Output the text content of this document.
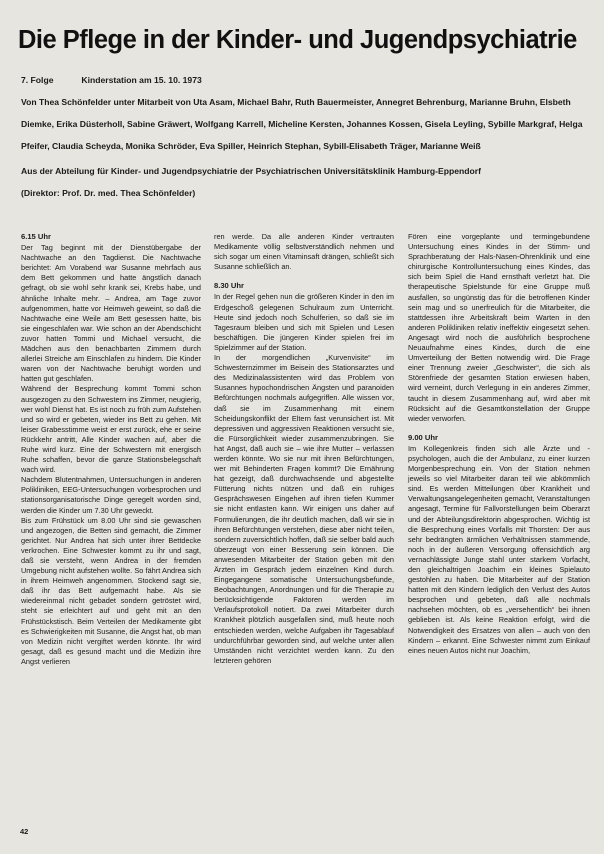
Die Pflege in der Kinder- und Jugendpsychiatrie
7. Folge	Kinderstation am 15. 10. 1973
Von Thea Schönfelder unter Mitarbeit von Uta Asam, Michael Bahr, Ruth Bauermeister, Annegret Behrenburg, Marianne Bruhn, Elsbeth Diemke, Erika Düsterholl, Sabine Gräwert, Wolfgang Karrell, Micheline Kersten, Johannes Kossen, Gisela Leyling, Sybille Markgraf, Helga Pfeifer, Claudia Scheyda, Monika Schröder, Eva Spiller, Heinrich Stephan, Sybill-Elisabeth Träger, Marianne Weiß
Aus der Abteilung für Kinder- und Jugendpsychiatrie der Psychiatrischen Universitätsklinik Hamburg-Eppendorf
(Direktor: Prof. Dr. med. Thea Schönfelder)
6.15 Uhr

Der Tag beginnt mit der Dienstübergabe der Nachtwache an den Tagdienst. Die Nachtwache berichtet: Am Vorabend war Susanne mehrfach aus dem Bett gekommen und hatte ängstlich danach gefragt, ob sie wohl sehr krank sei, Krebs habe, und ähnliche Inhalte mehr. – Andrea, am Tage zuvor aufgenommen, hatte vor Heimweh geweint, so daß die Nachtwache eine Weile am Bett gesessen hatte, bis sie eingeschlafen war. Wie schon an der Abendschicht zuvor hatten Tommi und Michael versucht, die Mädchen aus den benachbarten Zimmern durch allerlei Streiche am Einschlafen zu hindern. Die Kinder waren von der Nachtwache beruhigt worden und hatten gut geschlafen.

Während der Besprechung kommt Tommi schon ausgezogen zu den Schwestern ins Zimmer, neugierig, wer wohl Dienst hat. Es ist noch zu früh zum Aufstehen und so wird er gebeten, wieder ins Bett zu gehen. Mit leiser Grabesstimme weist er erst zurück, ehe er seine Rückkehr antritt, Alle Kinder wachen auf, aber die Ruhe wird kurz. Eine der Schwestern mit energisch Ruhe schaffen, bevor die ganze Stationsbelegschaft wach wird.

Nachdem Blutentnahmen, Untersuchungen in anderen Polikliniken, EEG-Untersuchungen vorbesprochen und stationsorganisatorische Dinge geregelt worden sind, werden die Kinder um 7.30 Uhr geweckt.

Bis zum Frühstück um 8.00 Uhr sind sie gewaschen und angezogen, die Betten sind gemacht, die Zimmer gerichtet. Nur Andrea hat sich unter ihrer Bettdecke verkrochen. Eine Schwester kommt zu ihr und sagt, daß sie versteht, wenn Andrea in der fremden Umgebung nicht aufstehen wollte. So fährt Andrea sich in ihrem Heimweh angenommen. Stockend sagt sie, daß ihr das Bett aufgemacht habe. Als sie wiedereinmal nicht gebadet sondern getröstet wird, steht sie erleichtert auf und geht mit an den Frühstückstisch. Beim Verteilen der Medikamente gibt es Schwierigkeiten mit Susanne, die Angst hat, ob man von Medizin nicht vergiftet werden könnte. Ihr wird gesagt, daß es gesund macht und die Medizin ihre Angst verlieren

ren werde. Da alle anderen Kinder vertrauten Medikamente völlig selbstverständlich nehmen und sich sogar um einen Vitaminsaft drängen, schließt sich Susanne schließlich an.

8.30 Uhr

In der Regel gehen nun die größeren Kinder in den im Erdgeschoß gelegenen Schulraum zum Unterricht. Heute sind jedoch noch Schulferien, so daß sie im Tagesraum bleiben und sich mit Spielen und Lesen beschäftigen. Die jüngeren Kinder spielen frei im Spielzimmer auf der Station.

In der morgendlichen „Kurvenvisite“ im Schwesternzimmer im Beisein des Stationsarztes und des Medizinalassistenten wird das Problem von Susannes hypochondrischen Ängsten und paranoiden Befürchtungen nochmals aufgegriffen. Alle wissen vor, daß sie im Zusammenhang mit einem Scheidungskonflikt der Eltern fast verunsichert ist. Mit depressiven und aggressiven Reaktionen versucht sie, die Fürsorglichkeit wieder zusammenzubringen. Sie hat Angst, daß auch sie – wie ihre Mutter – verlassen werden könnte. Wo sie nur mit ihren Befürchtungen, wer mit Behinderten Fragen kommt? Die Ernährung hat gezeigt, daß durchwachsende und abgestellte Fütterung nichts nützen und daß ein ruhiges Gesprächswesen Eingehen auf ihren tiefen Kummer sie nicht entlasten kann. Wir einigen uns daher auf Formulierungen, die ihr deutlich machen, daß wir sie in ihren Befürchtungen verstehen, diese aber nicht teilen, sondern zuversichtlich hoffen, daß sie selber bald auch überzeugt von einer Besserung sein können. Die anwesenden Mitarbeiter der Station geben mit den Ärzten im Gespräch jedem einzelnen Kind durch. Eingegangene somatische Untersuchungsbefunde, Beobachtungen, Anordnungen und für die Therapie zu berücksichtigende Faktoren werden im Verlaufsprotokoll notiert. Da zwei Mitarbeiter durch Krankheit plötzlich ausgefallen sind, muß heute noch entschieden werden, welche Aufgaben ihr Tagesablauf undurchführbar geworden sind, auf welche unter allen Umständen nicht verzichtet werden kann. Zu den letzteren gehören

Fören eine vorgeplante und termingebundene Untersuchung eines Kindes in der Stimm- und Sprachberatung der Hals-Nasen-Ohrenklinik und eine chirurgische Kontrolluntersuchung eines Kindes, das sich beim Spiel die Hand ernsthaft verletzt hat. Die therapeutische Spielstunde für eine Gruppe muß ausfallen, so ungünstig das für die betroffenen Kinder sein mag und so unerfreulich für die Mitarbeiter, die stattdessen ihre Arbeitskraft beim Warten in den anderen Polikliniken relativ ineffektiv eingesetzt sehen. Angesagt wird noch die ausführlich besprochene Neuaufnahme eines Kindes, durch die eine Umverteilung der Betten notwendig wird. Die Frage einer Trennung zweier „Geschwister“, die sich als Störenfriede der gesamten Station erwiesen haben, wird verneint, durch Verlegung in ein anderes Zimmer, taucht in diesem Zusammenhang auf, wird aber mit Rücksicht auf die Gesamtkonstellation der Gruppe wieder verworfen.

9.00 Uhr

Im Kollegenkreis finden sich alle Ärzte und -psychologen, auch die der Ambulanz, zu einer kurzen Morgenbesprechung ein. Von der Station nehmen jeweils so viel Mitarbeiter daran teil wie abkömmlich sind. Es werden Mitteilungen über Krankheit und Verwaltungsangelegenheiten gemacht, Veranstaltungen angesagt, Termine für Fallvorstellungen beim Oberarzt und der Abteilungsdirektorin abgesprochen. Wichtig ist die Besprechung eines Vorfalls mit Thorsten: Der aus sehr bedrängten ärmlichen Verhältnissen stammende, noch in der äußeren Versorgung offensichtlich arg vernachlässigte Junge stahl unter starkem Vorfacht, den gleichaltrigen Joachim ein kleines Spielauto gestohlen zu haben. Die Mitarbeiter auf der Station hatten mit den Kindern lediglich den Verlust des Autos besprochen und gebeten, daß alle nochmals nachsehen möchten, ob es „versehentlich“ bei ihnen geblieben ist. Als keine Reaktion erfolgt, wird die Notwendigkeit des Ersatzes von allen – auch von den Kindern – erkannt. Eine Schwester nimmt zum Einkauf eines neuen Autos nicht nur Joachim,

42
